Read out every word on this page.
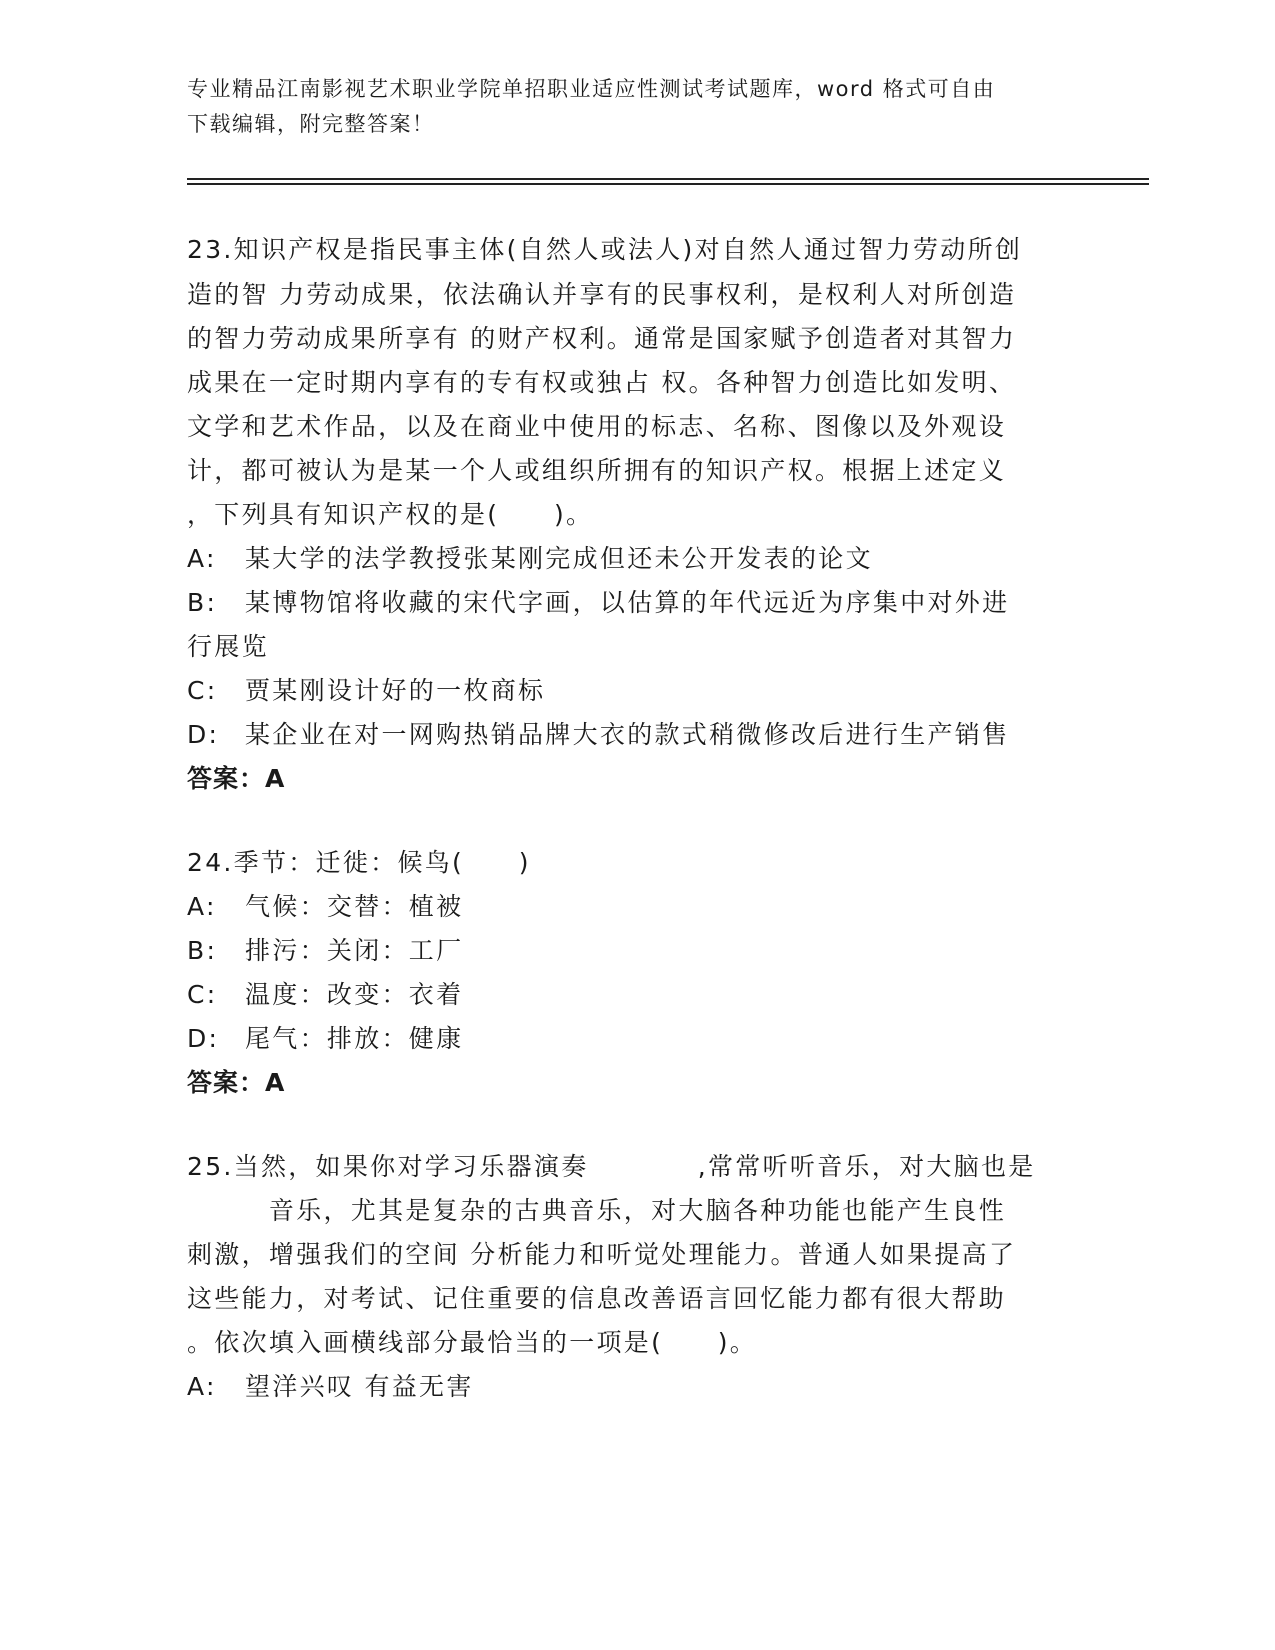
专业精品江南影视艺术职业学院单招职业适应性测试考试题库，word 格式可自由
下载编辑，附完整答案！
23.知识产权是指民事主体(自然人或法人)对自然人通过智力劳动所创
造的智 力劳动成果，依法确认并享有的民事权利，是权利人对所创造
的智力劳动成果所享有 的财产权利。通常是国家赋予创造者对其智力
成果在一定时期内享有的专有权或独占 权。各种智力创造比如发明、
文学和艺术作品，以及在商业中使用的标志、名称、图像以及外观设
计，都可被认为是某一个人或组织所拥有的知识产权。根据上述定义
，下列具有知识产权的是(　　)。
A: 某大学的法学教授张某刚完成但还未公开发表的论文
B: 某博物馆将收藏的宋代字画，以估算的年代远近为序集中对外进
行展览
C: 贾某刚设计好的一枚商标
D: 某企业在对一网购热销品牌大衣的款式稍微修改后进行生产销售
答案：A
24.季节：迁徙：候鸟(　　)
A: 气候：交替：植被
B: 排污：关闭：工厂
C: 温度：改变：衣着
D: 尾气：排放：健康
答案：A
25.当然，如果你对学习乐器演奏　　　　,常常听听音乐，对大脑也是
　　　音乐，尤其是复杂的古典音乐，对大脑各种功能也能产生良性
刺激，增强我们的空间 分析能力和听觉处理能力。普通人如果提高了
这些能力，对考试、记住重要的信息改善语言回忆能力都有很大帮助
。依次填入画横线部分最恰当的一项是(　　)。
A: 望洋兴叹 有益无害
